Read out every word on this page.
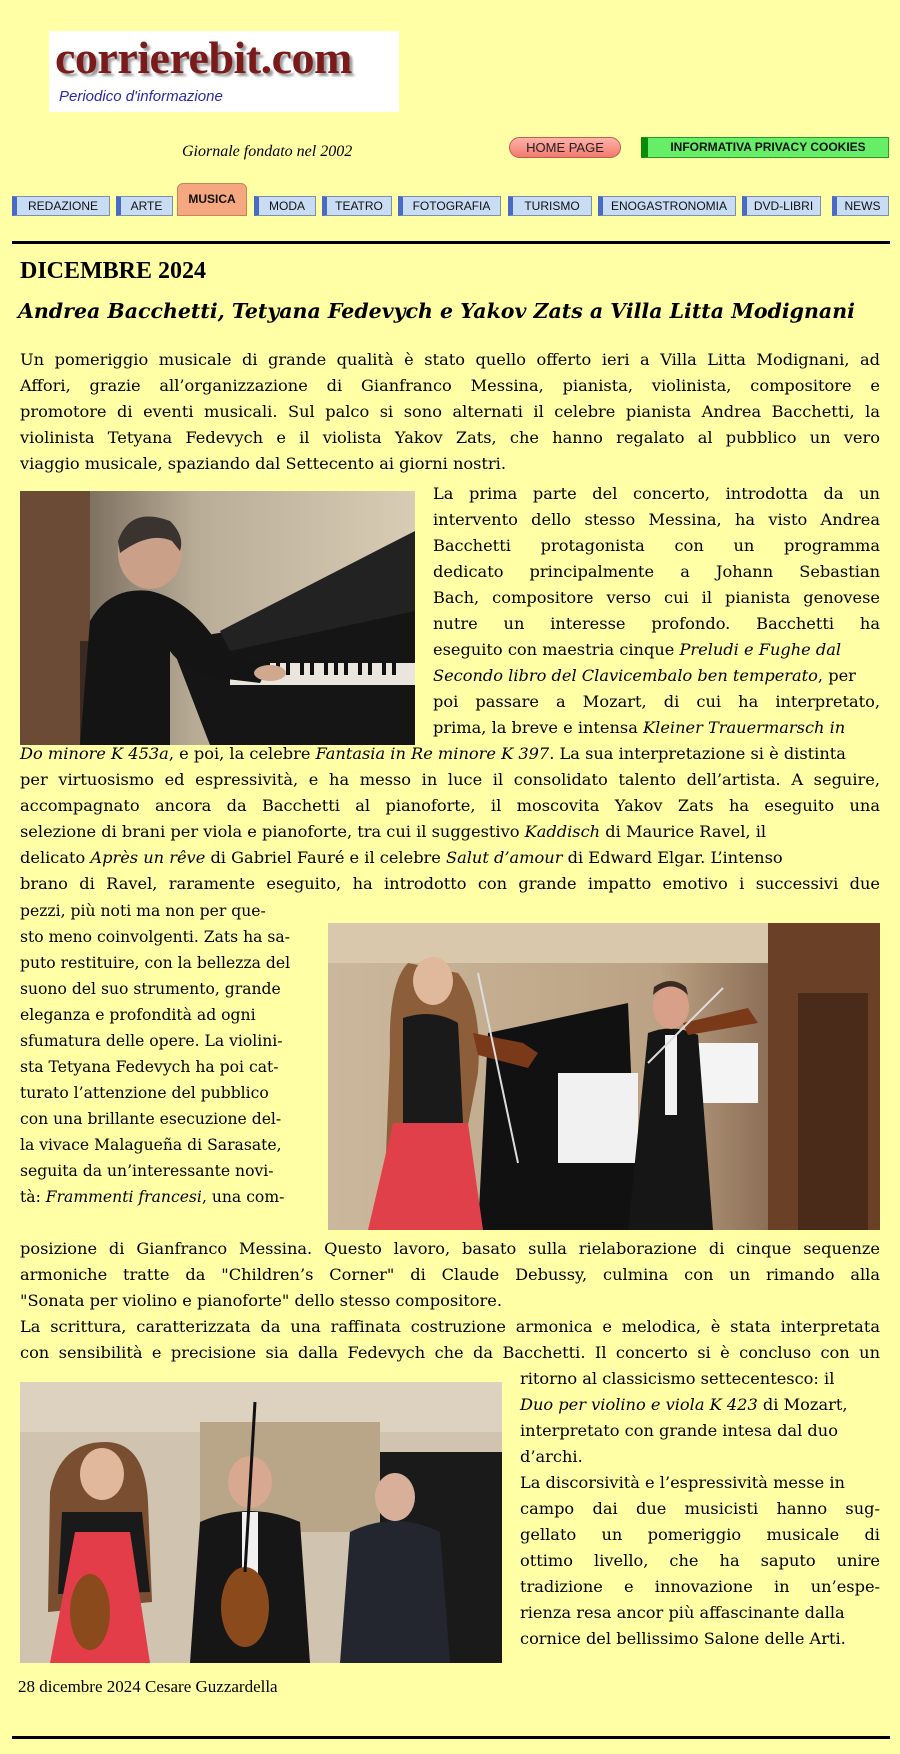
corrierebit.com
Periodico d'informazione
Giornale fondato nel 2002	HOME PAGE	INFORMATIVA PRIVACY COOKIES
REDAZIONE	ARTE	MUSICA	MODA	TEATRO	FOTOGRAFIA	TURISMO	ENOGASTRONOMIA	DVD-LIBRI	NEWS
DICEMBRE 2024
Andrea Bacchetti, Tetyana Fedevych e Yakov Zats a Villa Litta Modignani
Un pomeriggio musicale di grande qualità è stato quello offerto ieri a Villa Litta Modignani, ad
Affori, grazie all’organizzazione di Gianfranco Messina, pianista, violinista, compositore e
promotore di eventi musicali. Sul palco si sono alternati il celebre pianista Andrea Bacchetti, la
violinista Tetyana Fedevych e il violista Yakov Zats, che hanno regalato al pubblico un vero
viaggio musicale, spaziando dal Settecento ai giorni nostri.
La prima parte del concerto, introdotta da un
intervento dello stesso Messina, ha visto Andrea
Bacchetti protagonista con un programma
dedicato principalmente a Johann Sebastian
Bach, compositore verso cui il pianista genovese
nutre un interesse profondo. Bacchetti ha
eseguito con maestria cinque Preludi e Fughe dal
Secondo libro del Clavicembalo ben temperato, per
poi passare a Mozart, di cui ha interpretato,
prima, la breve e intensa Kleiner Trauermarsch in
Do minore K 453a, e poi, la celebre Fantasia in Re minore K 397. La sua interpretazione si è distinta
per virtuosismo ed espressività, e ha messo in luce il consolidato talento dell’artista. A seguire,
accompagnato ancora da Bacchetti al pianoforte, il moscovita Yakov Zats ha eseguito una
selezione di brani per viola e pianoforte, tra cui il suggestivo Kaddisch di Maurice Ravel, il
delicato Après un rêve di Gabriel Fauré e il celebre Salut d’amour di Edward Elgar. L’intenso
brano di Ravel, raramente eseguito, ha introdotto con grande impatto emotivo i successivi due
pezzi, più noti ma non per que-
sto meno coinvolgenti. Zats ha sa-
puto restituire, con la bellezza del
suono del suo strumento, grande
eleganza e profondità ad ogni
sfumatura delle opere. La violini-
sta Tetyana Fedevych ha poi cat-
turato l’attenzione del pubblico
con una brillante esecuzione del-
la vivace Malagueña di Sarasate,
seguita da un’interessante novi-
tà: Frammenti francesi, una com-
posizione di Gianfranco Messina. Questo lavoro, basato sulla rielaborazione di cinque sequenze
armoniche tratte da "Children’s Corner" di Claude Debussy, culmina con un rimando alla
"Sonata per violino e pianoforte" dello stesso compositore.
La scrittura, caratterizzata da una raffinata costruzione armonica e melodica, è stata interpretata
con sensibilità e precisione sia dalla Fedevych che da Bacchetti. Il concerto si è concluso con un
ritorno al classicismo settecentesco: il
Duo per violino e viola K 423 di Mozart,
interpretato con grande intesa dal duo
d’archi.
La discorsività e l’espressività messe in
campo dai due musicisti hanno sug-
gellato un pomeriggio musicale di
ottimo livello, che ha saputo unire
tradizione e innovazione in un’espe-
rienza resa ancor più affascinante dalla
cornice del bellissimo Salone delle Arti.
28 dicembre 2024 Cesare Guzzardella
